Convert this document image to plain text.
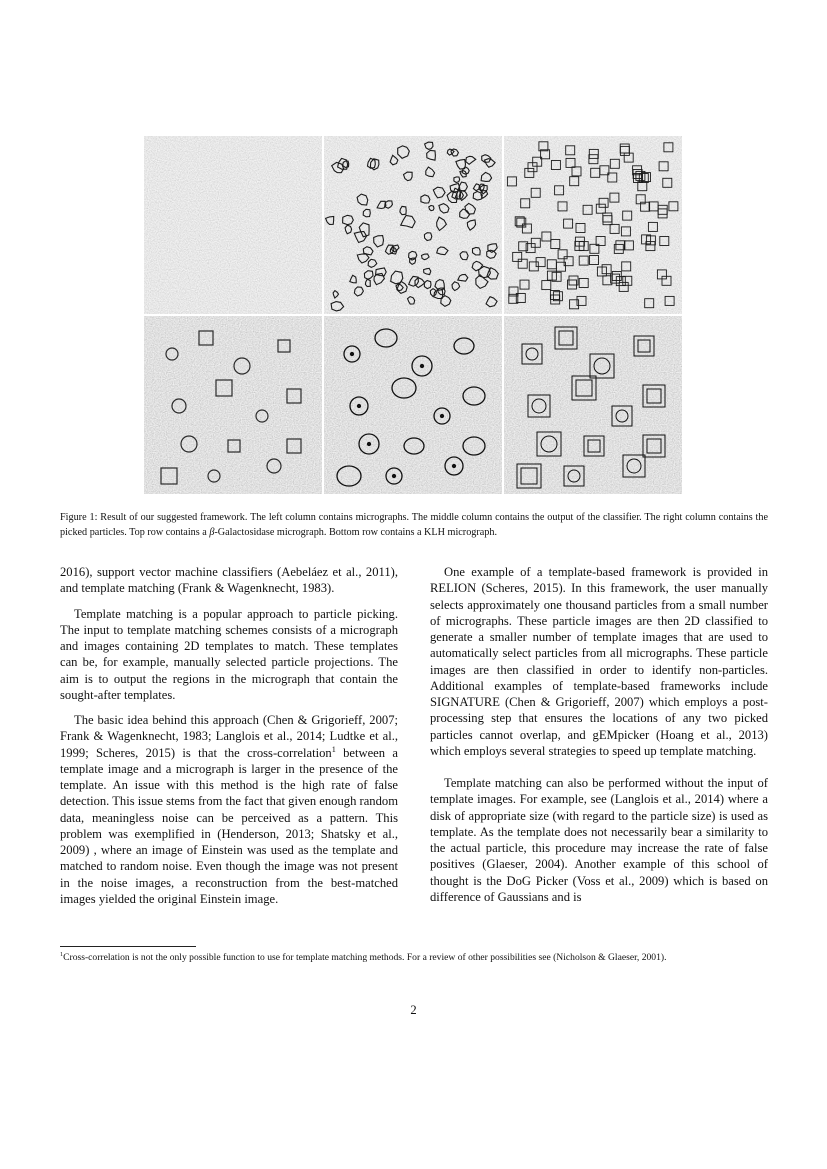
Figure 1: Result of our suggested framework. The left column contains micrographs. The middle column contains the output of the classifier. The right column contains the picked particles. Top row contains a β-Galactosidase micrograph. Bottom row contains a KLH micrograph.

2016), support vector machine classifiers (Aebeláez et al., 2011), and template matching (Frank & Wagenknecht, 1983).

Template matching is a popular approach to particle picking. The input to template matching schemes consists of a micrograph and images containing 2D templates to match. These templates can be, for example, manually selected particle projections. The aim is to output the regions in the micrograph that contain the sought-after templates.

The basic idea behind this approach (Chen & Grigorieff, 2007; Frank & Wagenknecht, 1983; Langlois et al., 2014; Ludtke et al., 1999; Scheres, 2015) is that the cross-correlation$^1$ between a template image and a micrograph is larger in the presence of the template. An issue with this method is the high rate of false detection. This issue stems from the fact that given enough random data, meaningless noise can be perceived as a pattern. This problem was exemplified in (Henderson, 2013; Shatsky et al., 2009) , where an image of Einstein was used as the template and matched to random noise. Even though the image was not present in the noise images, a reconstruction from the best-matched images yielded the original Einstein image.

One example of a template-based framework is provided in RELION (Scheres, 2015). In this framework, the user manually selects approximately one thousand particles from a small number of micrographs. These particle images are then 2D classified to generate a smaller number of template images that are used to automatically select particles from all micrographs. These particle images are then classified in order to identify non-particles. Additional examples of template-based frameworks include SIGNATURE (Chen & Grigorieff, 2007) which employs a post-processing step that ensures the locations of any two picked particles cannot overlap, and gEMpicker (Hoang et al., 2013) which employs several strategies to speed up template matching.

Template matching can also be performed without the input of template images. For example, see (Langlois et al., 2014) where a disk of appropriate size (with regard to the particle size) is used as template. As the template does not necessarily bear a similarity to the actual particle, this procedure may increase the rate of false positives (Glaeser, 2004). Another example of this school of thought is the DoG Picker (Voss et al., 2009) which is based on difference of Gaussians and is

$^1$Cross-correlation is not the only possible function to use for template matching methods. For a review of other possibilities see (Nicholson & Glaeser, 2001).
2
